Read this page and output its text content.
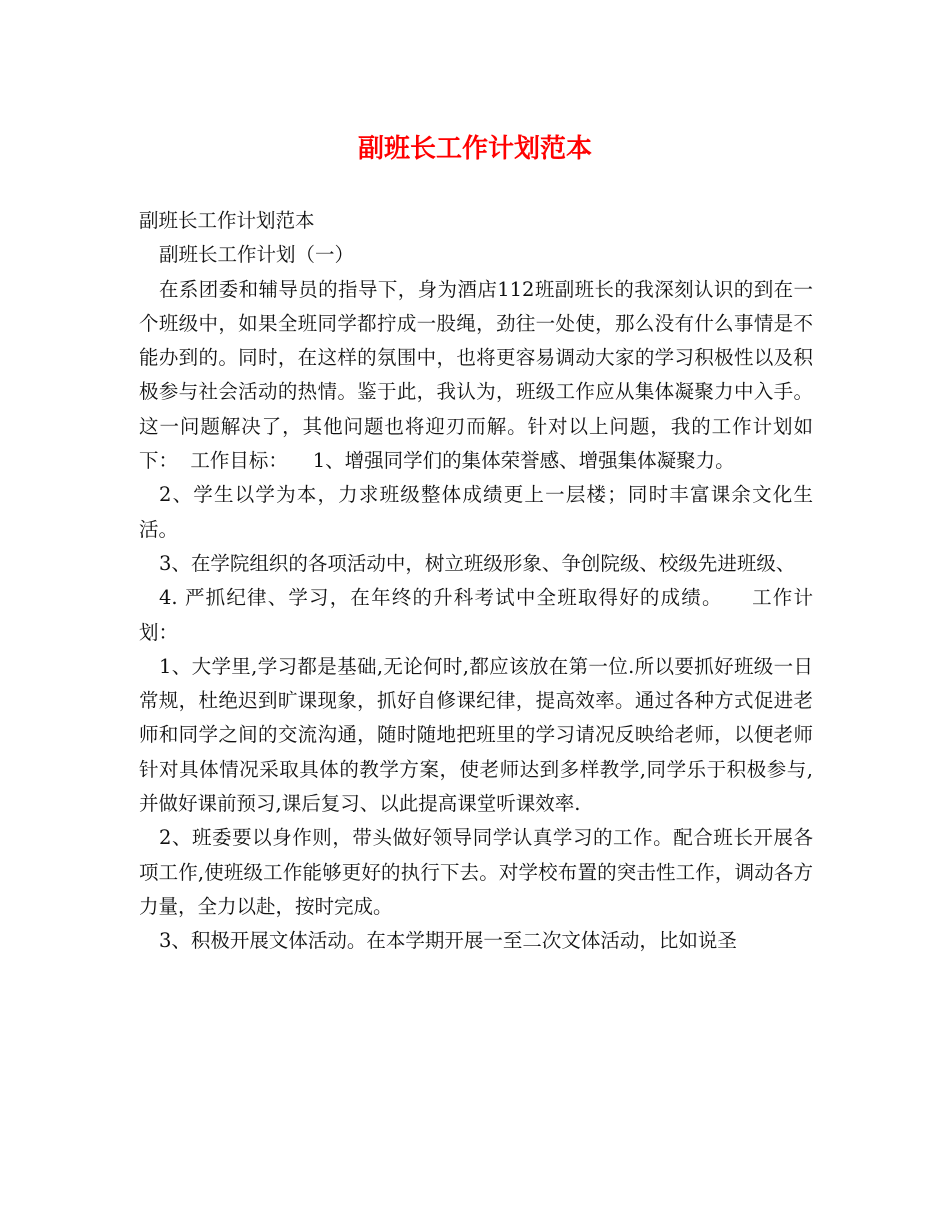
副班长工作计划范本

副班长工作计划范本

副班长工作计划（一）

在系团委和辅导员的指导下，身为酒店112班副班长的我深刻认识的到在一个班级中，如果全班同学都拧成一股绳，劲往一处使，那么没有什么事情是不能办到的。同时，在这样的氛围中，也将更容易调动大家的学习积极性以及积极参与社会活动的热情。鉴于此，我认为，班级工作应从集体凝聚力中入手。这一问题解决了，其他问题也将迎刃而解。针对以上问题，我的工作计划如下：  工作目标：    1、增强同学们的集体荣誉感、增强集体凝聚力。

2、学生以学为本，力求班级整体成绩更上一层楼；同时丰富课余文化生活。

3、在学院组织的各项活动中，树立班级形象、争创院级、校级先进班级、

4. 严抓纪律、学习，在年终的升科考试中全班取得好的成绩。    工作计划：

1、大学里,学习都是基础,无论何时,都应该放在第一位.所以要抓好班级一日常规，杜绝迟到旷课现象，抓好自修课纪律，提高效率。通过各种方式促进老师和同学之间的交流沟通，随时随地把班里的学习请况反映给老师，以便老师针对具体情况采取具体的教学方案，使老师达到多样教学,同学乐于积极参与,并做好课前预习,课后复习、以此提高课堂听课效率.

2、班委要以身作则，带头做好领导同学认真学习的工作。配合班长开展各项工作,使班级工作能够更好的执行下去。对学校布置的突击性工作，调动各方力量，全力以赴，按时完成。

3、积极开展文体活动。在本学期开展一至二次文体活动，比如说圣
